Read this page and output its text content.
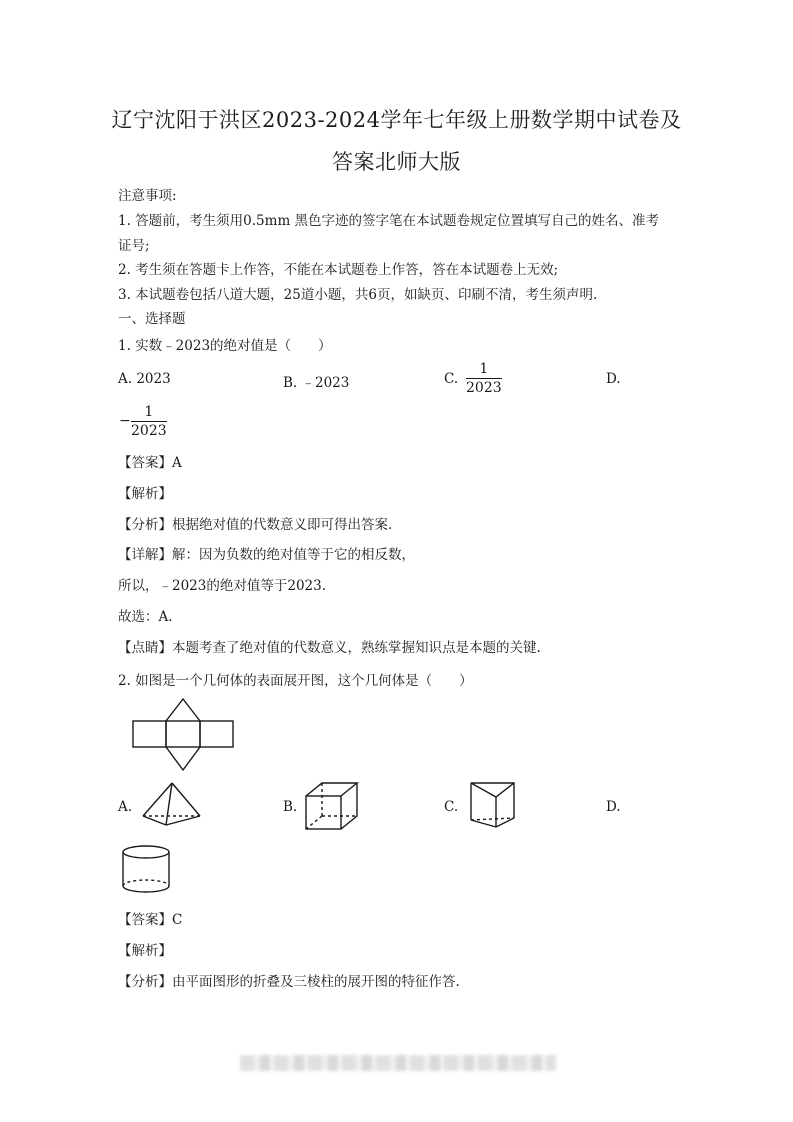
辽宁沈阳于洪区2023-2024学年七年级上册数学期中试卷及
答案北师大版
注意事项:
1. 答题前，考生须用0.5mm 黑色字迹的签字笔在本试题卷规定位置填写自己的姓名、准考
证号;
2. 考生须在答题卡上作答，不能在本试题卷上作答，答在本试题卷上无效;
3. 本试题卷包括八道大题，25道小题，共6页，如缺页、印刷不清，考生须声明.
一、选择题
1. 实数﹣2023的绝对值是（　　）
A. 2023	B. ﹣2023	C. $\frac{1}{2023}$	D.
− $\frac{1}{2023}$
【答案】A
【解析】
【分析】根据绝对值的代数意义即可得出答案.
【详解】解：因为负数的绝对值等于它的相反数，
所以，﹣2023的绝对值等于2023.
故选：A.
【点睛】本题考查了绝对值的代数意义，熟练掌握知识点是本题的关键.
2. 如图是一个几何体的表面展开图，这个几何体是（　　）
A.	B.	C.	D.
【答案】C
【解析】
【分析】由平面图形的折叠及三棱柱的展开图的特征作答.
